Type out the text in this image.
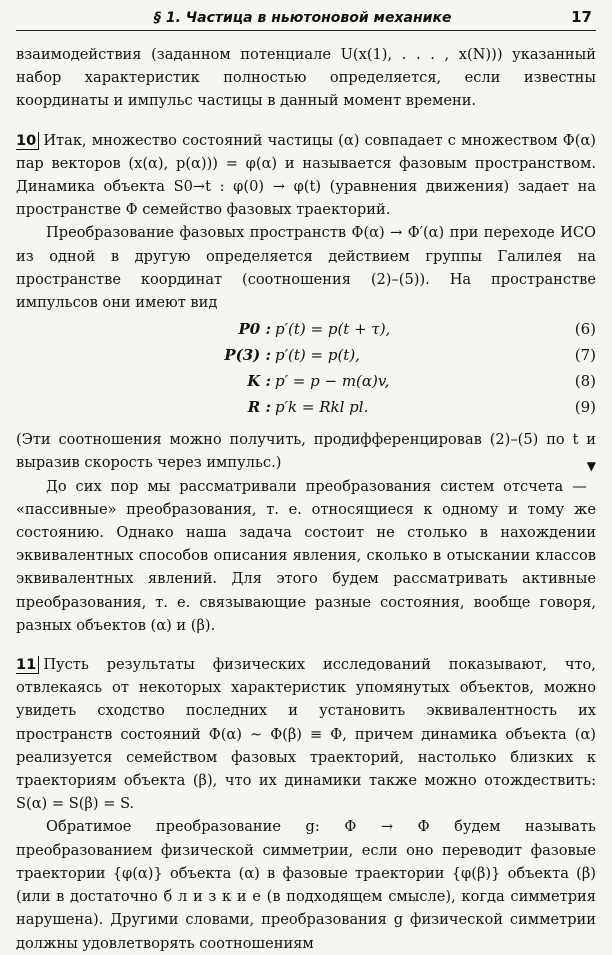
§ 1. Частица в ньютоновой механике	17

взаимодействия (заданном потенциале U(x(1), . . . , x(N))) указанный набор характеристик полностью определяется, если известны координаты и импульс частицы в данный момент времени.

10 Итак, множество состояний частицы (α) совпадает с множеством Φ(α) пар векторов (x(α), p(α))) = φ(α) и называется фазовым пространством. Динамика объекта S0→t : φ(0) → φ(t) (уравнения движения) задает на пространстве Φ семейство фазовых траекторий.

Преобразование фазовых пространств Φ(α) → Φ′(α) при переходе ИСО из одной в другую определяется действием группы Галилея на пространстве координат (соотношения (2)–(5)). На пространстве импульсов они имеют вид

P0 : p′(t) = p(t + τ),	(6)
P(3) : p′(t) = p(t),	(7)
K : p′ = p − m(α)v,	(8)
R : p′k = Rkl pl.	(9)

(Эти соотношения можно получить, продифференцировав (2)–(5) по t и выразив скорость через импульс.)	▼

До сих пор мы рассматривали преобразования систем отсчета — «пассивные» преобразования, т. е. относящиеся к одному и тому же состоянию. Однако наша задача состоит не столько в нахождении эквивалентных способов описания явления, сколько в отыскании классов эквивалентных явлений. Для этого будем рассматривать активные преобразования, т. е. связывающие разные состояния, вообще говоря, разных объектов (α) и (β).

11 Пусть результаты физических исследований показывают, что, отвлекаясь от некоторых характеристик упомянутых объектов, можно увидеть сходство последних и установить эквивалентность их пространств состояний Φ(α) ∼ Φ(β) ≡ Φ, причем динамика объекта (α) реализуется семейством фазовых траекторий, настолько близких к траекториям объекта (β), что их динамики также можно отождествить: S(α) = S(β) = S.

Обратимое преобразование g: Φ → Φ будем называть преобразованием физической симметрии, если оно переводит фазовые траектории {φ(α)} объекта (α) в фазовые траектории {φ(β)} объекта (β) (или в достаточно б л и з к и е (в подходящем смысле), когда симметрия нарушена). Другими словами, преобразования g физической симметрии должны удовлетворять соотношениям
